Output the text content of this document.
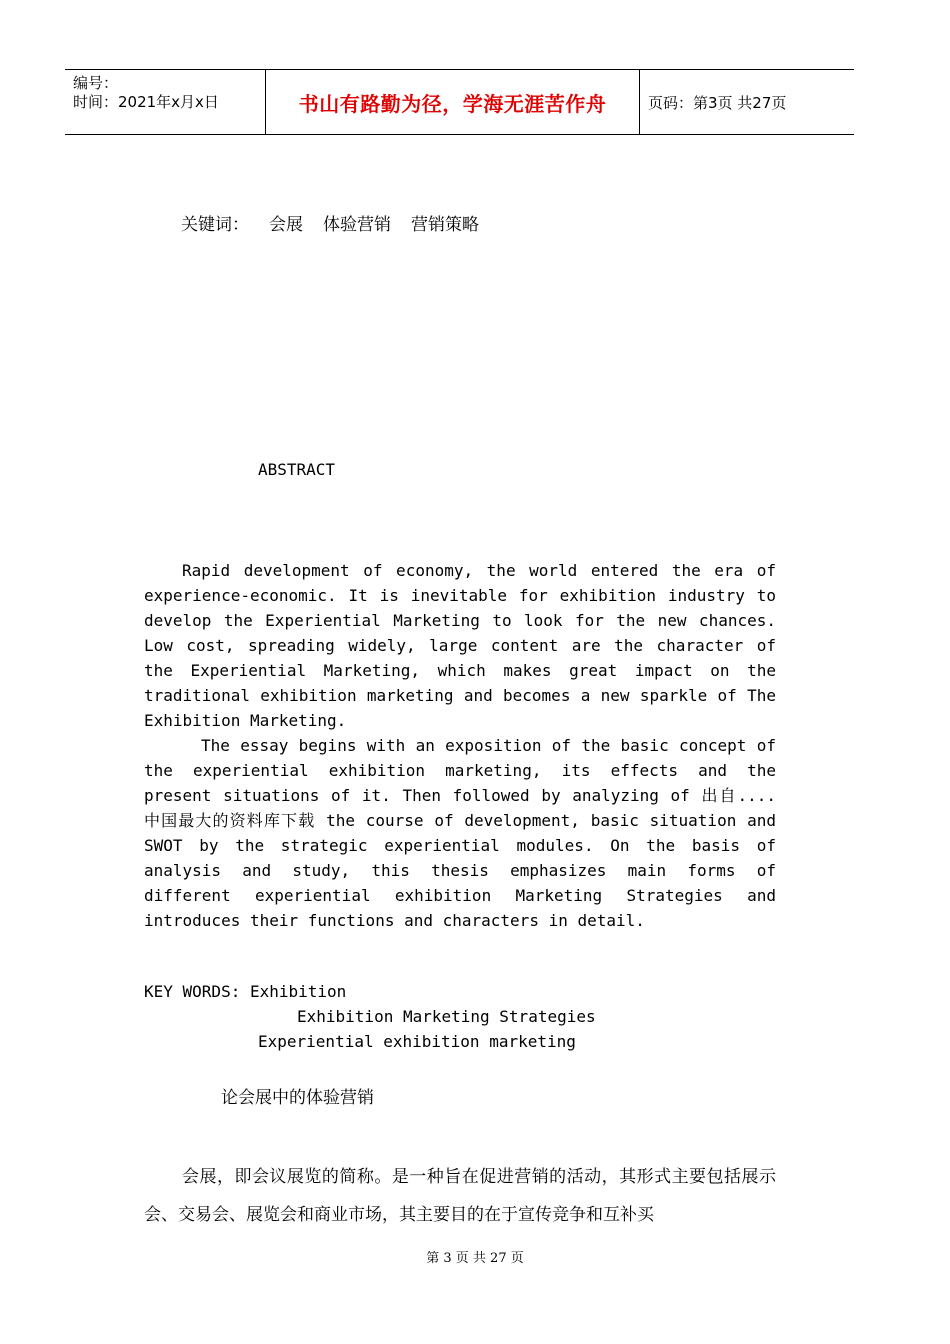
编号：
时间：2021年x月x日	书山有路勤为径，学海无涯苦作舟	页码：第3页 共27页
关键词： 会展 体验营销 营销策略
ABSTRACT
Rapid development of economy, the world entered the era of experience-economic. It is inevitable for exhibition industry to develop the Experiential Marketing to look for the new chances. Low cost, spreading widely, large content are the character of the Experiential Marketing, which makes great impact on the traditional exhibition marketing and becomes a new sparkle of The Exhibition Marketing.
The essay begins with an exposition of the basic concept of the experiential exhibition marketing, its effects and the present situations of it. Then followed by analyzing of 出自.... 中国最大的资料库下载 the course of development, basic situation and SWOT by the strategic experiential modules. On the basis of analysis and study, this thesis emphasizes main forms of different experiential exhibition Marketing Strategies and introduces their functions and characters in detail.
KEY WORDS: Exhibition
Exhibition Marketing Strategies
Experiential exhibition marketing
论会展中的体验营销
会展，即会议展览的简称。是一种旨在促进营销的活动，其形式主要包括展示会、交易会、展览会和商业市场，其主要目的在于宣传竞争和互补买
第 3 页 共 27 页
